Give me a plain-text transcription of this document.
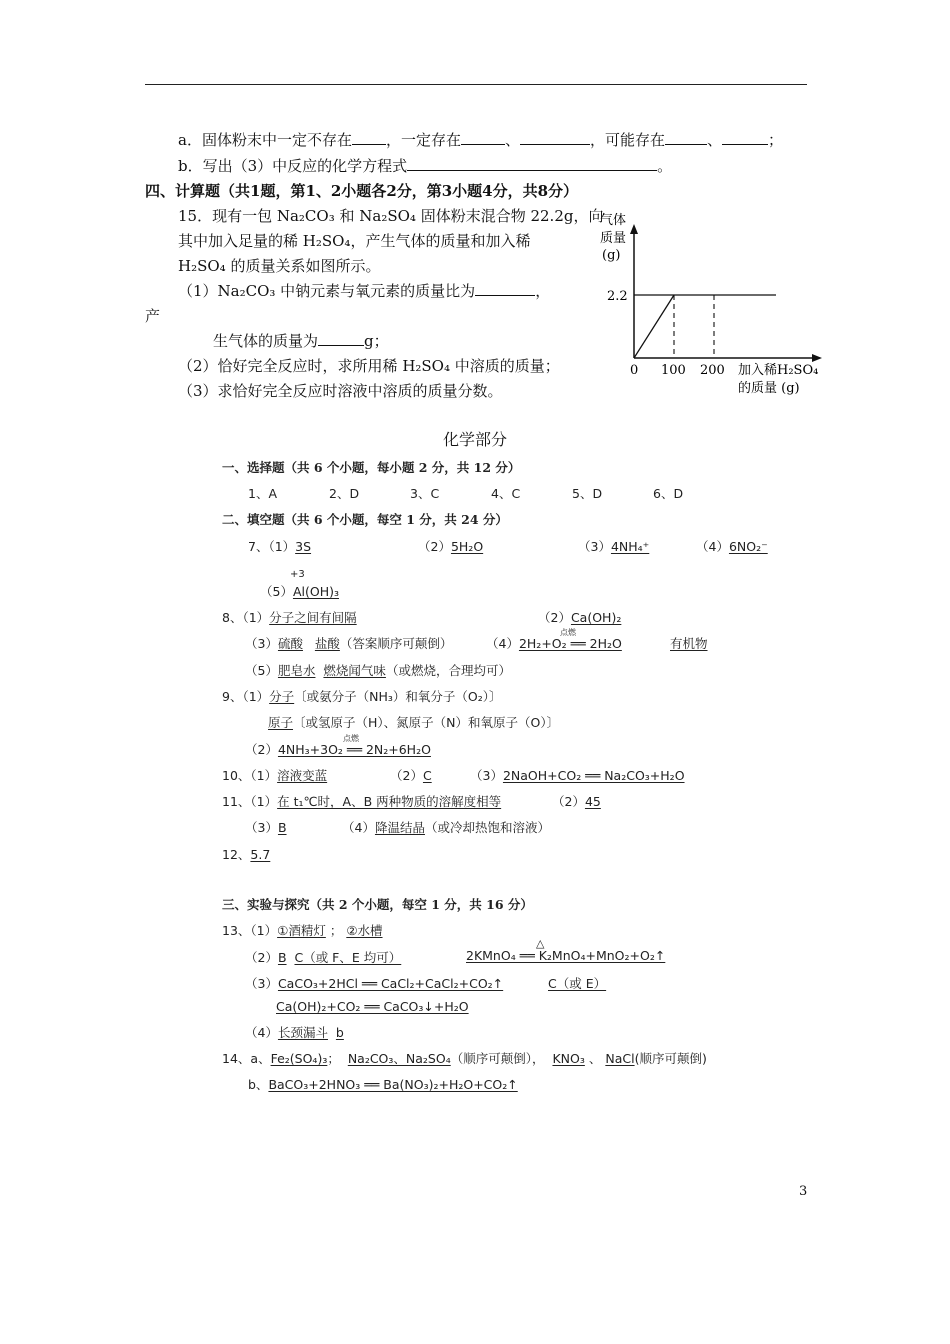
a．固体粉末中一定不存在 ，一定存在	、	，可能存在	、	；
b．写出（3）中反应的化学方程式	。
四、计算题（共1题，第1、2小题各2分，第3小题4分，共8分）
15．现有一包 Na₂CO₃ 和 Na₂SO₄ 固体粉末混合物 22.2g，向
其中加入足量的稀 H₂SO₄，产生气体的质量和加入稀
H₂SO₄ 的质量关系如图所示。
（1）Na₂CO₃ 中钠元素与氧元素的质量比为	，
产
生气体的质量为	g；
（2）恰好完全反应时，求所用稀 H₂SO₄ 中溶质的质量；
（3）求恰好完全反应时溶液中溶质的质量分数。
气体
质量
(g)
2.2
0 100 200 加入稀H₂SO₄
的质量 (g)
化学部分
一、选择题（共 6 个小题，每小题 2 分，共 12 分）
1、A	2、D	3、C	4、C	5、D	6、D
二、填空题（共 6 个小题，每空 1 分，共 24 分）
7、（1）3S	（2）5H₂O	（3）4NH₄⁺	（4）6NO₂⁻
+3
（5）Al(OH)₃
8、（1）分子之间有间隔	（2）Ca(OH)₂
（3）硫酸 盐酸（答案顺序可颠倒）
点燃
（4）2H₂+O₂ ══ 2H₂O	有机物
（5）肥皂水 燃烧闻气味（或燃烧，合理均可）
9、（1）分子〔或氨分子（NH₃）和氧分子（O₂）〕
原子〔或氢原子（H）、氮原子（N）和氧原子（O）〕
点燃
（2）4NH₃+3O₂ ══ 2N₂+6H₂O
10、（1）溶液变蓝	（2）C	（3）2NaOH+CO₂ ══ Na₂CO₃+H₂O
11、（1）在 t₁℃时，A、B 两种物质的溶解度相等	（2）45
（3）B	（4）降温结晶（或冷却热饱和溶液）
12、5.7
三、实验与探究（共 2 个小题，每空 1 分，共 16 分）
13、（1）①酒精灯 ； ②水槽
（2）B C（或 F、E 均可）
△
2KMnO₄ ══ K₂MnO₄+MnO₂+O₂↑
（3）CaCO₃+2HCl ══ CaCl₂+CaCl₂+CO₂↑	C（或 E）
Ca(OH)₂+CO₂ ══ CaCO₃↓+H₂O
（4）长颈漏斗 b
14、a、Fe₂(SO₄)₃； Na₂CO₃、Na₂SO₄（顺序可颠倒）， KNO₃ 、 NaCl(顺序可颠倒)
b、BaCO₃+2HNO₃ ══ Ba(NO₃)₂+H₂O+CO₂↑
3
